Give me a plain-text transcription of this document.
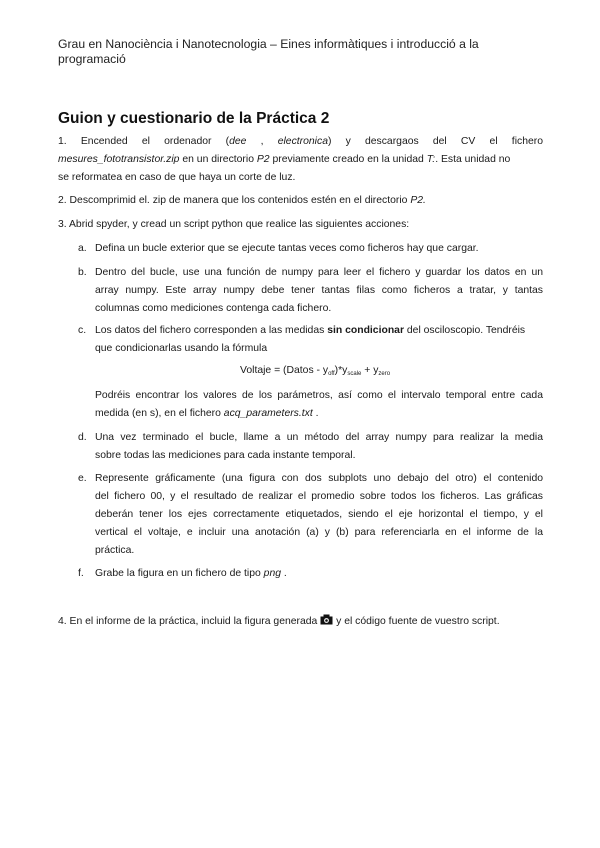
Grau en Nanociència i Nanotecnologia – Eines informàtiques i introducció a la
programació
Guion y cuestionario de la Práctica 2
1. Encended el ordenador (dee , electronica) y descargaos del CV el fichero
mesures_fototransistor.zip en un directorio P2 previamente creado en la unidad T:. Esta unidad no
se reformatea en caso de que haya un corte de luz.
2. Descomprimid el. zip de manera que los contenidos estén en el directorio P2.
3. Abrid spyder, y cread un script python que realice las siguientes acciones:
a. Defina un bucle exterior que se ejecute tantas veces como ficheros hay que cargar.
b. Dentro del bucle, use una función de numpy para leer el fichero y guardar los datos en un
array numpy. Este array numpy debe tener tantas filas como ficheros a tratar, y tantas
columnas como mediciones contenga cada fichero.
c. Los datos del fichero corresponden a las medidas sin condicionar del osciloscopio. Tendréis
que condicionarlas usando la fórmula
Voltaje = (Datos - $y_{off})*y_{scale} + y_{zero}$
Podréis encontrar los valores de los parámetros, así como el intervalo temporal entre cada
medida (en s), en el fichero acq_parameters.txt .
d. Una vez terminado el bucle, llame a un método del array numpy para realizar la media
sobre todas las mediciones para cada instante temporal.
e. Represente gráficamente (una figura con dos subplots uno debajo del otro) el contenido
del fichero 00, y el resultado de realizar el promedio sobre todos los ficheros. Las gráficas
deberán tener los ejes correctamente etiquetados, siendo el eje horizontal el tiempo, y el
vertical el voltaje, e incluir una anotación (a) y (b) para referenciarla en el informe de la
práctica.
f. Grabe la figura en un fichero de tipo png .
4. En el informe de la práctica, incluid la figura generada  y el código fuente de vuestro script.
